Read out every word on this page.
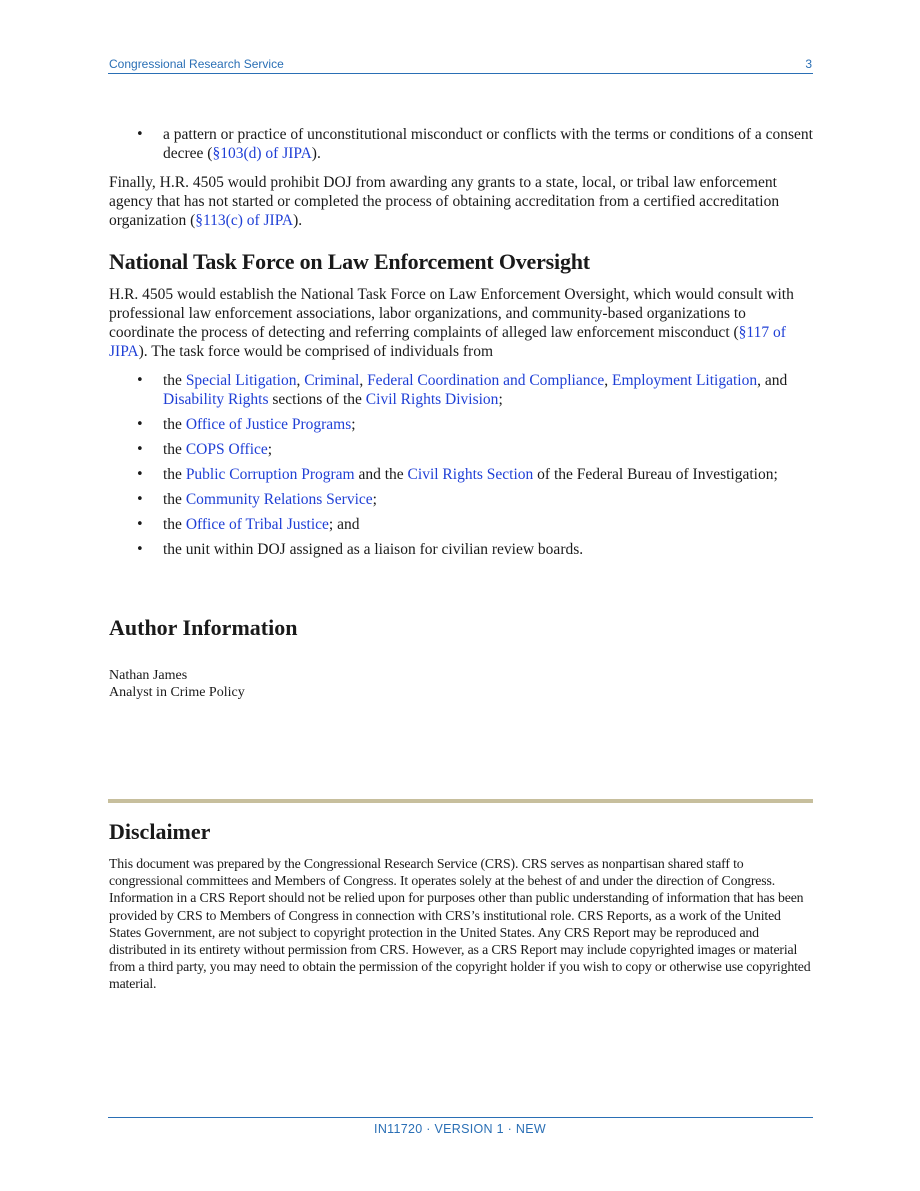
Congressional Research Service	3
• a pattern or practice of unconstitutional misconduct or conflicts with the terms or conditions of a consent decree (§103(d) of JIPA).

Finally, H.R. 4505 would prohibit DOJ from awarding any grants to a state, local, or tribal law enforcement agency that has not started or completed the process of obtaining accreditation from a certified accreditation organization (§113(c) of JIPA).

National Task Force on Law Enforcement Oversight

H.R. 4505 would establish the National Task Force on Law Enforcement Oversight, which would consult with professional law enforcement associations, labor organizations, and community-based organizations to coordinate the process of detecting and referring complaints of alleged law enforcement misconduct (§117 of JIPA). The task force would be comprised of individuals from

• the Special Litigation, Criminal, Federal Coordination and Compliance, Employment Litigation, and Disability Rights sections of the Civil Rights Division;
• the Office of Justice Programs;
• the COPS Office;
• the Public Corruption Program and the Civil Rights Section of the Federal Bureau of Investigation;
• the Community Relations Service;
• the Office of Tribal Justice; and
• the unit within DOJ assigned as a liaison for civilian review boards.
Author Information
Nathan James
Analyst in Crime Policy
Disclaimer

This document was prepared by the Congressional Research Service (CRS). CRS serves as nonpartisan shared staff to congressional committees and Members of Congress. It operates solely at the behest of and under the direction of Congress. Information in a CRS Report should not be relied upon for purposes other than public understanding of information that has been provided by CRS to Members of Congress in connection with CRS’s institutional role. CRS Reports, as a work of the United States Government, are not subject to copyright protection in the United States. Any CRS Report may be reproduced and distributed in its entirety without permission from CRS. However, as a CRS Report may include copyrighted images or material from a third party, you may need to obtain the permission of the copyright holder if you wish to copy or otherwise use copyrighted material.

IN11720 · VERSION 1 · NEW
